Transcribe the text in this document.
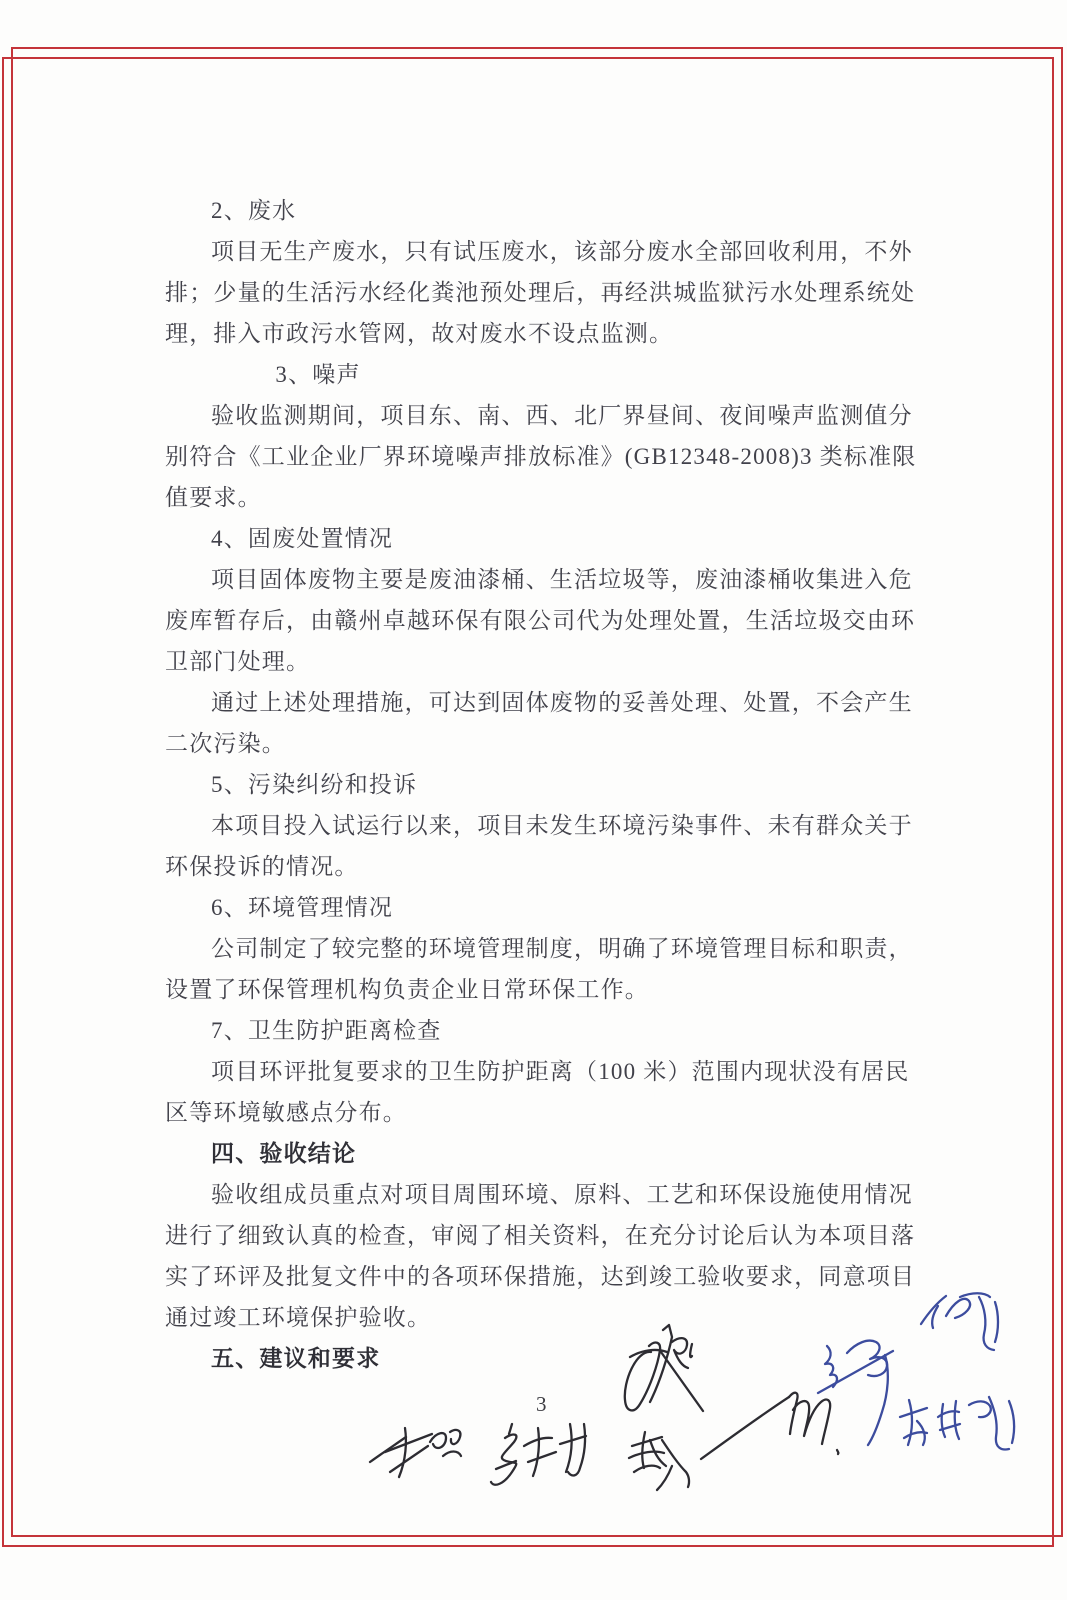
2、废水
项目无生产废水，只有试压废水，该部分废水全部回收利用，不外
排；少量的生活污水经化粪池预处理后，再经洪城监狱污水处理系统处
理，排入市政污水管网，故对废水不设点监测。
3、噪声
验收监测期间，项目东、南、西、北厂界昼间、夜间噪声监测值分
别符合《工业企业厂界环境噪声排放标准》(GB12348-2008)3 类标准限
值要求。
4、固废处置情况
项目固体废物主要是废油漆桶、生活垃圾等，废油漆桶收集进入危
废库暂存后，由赣州卓越环保有限公司代为处理处置，生活垃圾交由环
卫部门处理。
通过上述处理措施，可达到固体废物的妥善处理、处置，不会产生
二次污染。
5、污染纠纷和投诉
本项目投入试运行以来，项目未发生环境污染事件、未有群众关于
环保投诉的情况。
6、环境管理情况
公司制定了较完整的环境管理制度，明确了环境管理目标和职责，
设置了环保管理机构负责企业日常环保工作。
7、卫生防护距离检查
项目环评批复要求的卫生防护距离（100 米）范围内现状没有居民
区等环境敏感点分布。
四、验收结论
验收组成员重点对项目周围环境、原料、工艺和环保设施使用情况
进行了细致认真的检查，审阅了相关资料，在充分讨论后认为本项目落
实了环评及批复文件中的各项环保措施，达到竣工验收要求，同意项目
通过竣工环境保护验收。
五、建议和要求
3
